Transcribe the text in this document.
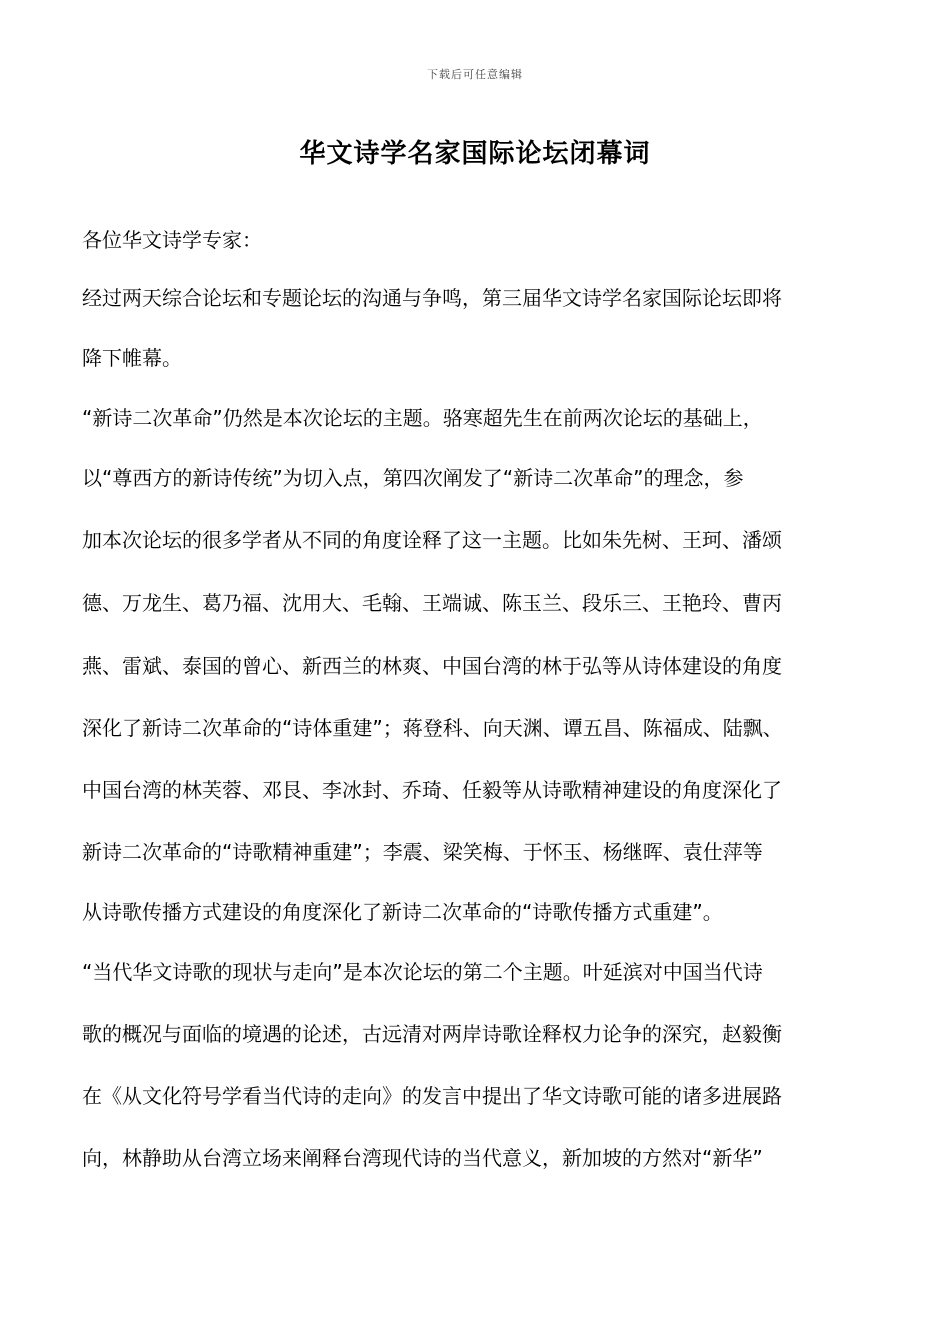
下载后可任意编辑
华文诗学名家国际论坛闭幕词
各位华文诗学专家：
经过两天综合论坛和专题论坛的沟通与争鸣，第三届华文诗学名家国际论坛即将
降下帷幕。
“新诗二次革命”仍然是本次论坛的主题。骆寒超先生在前两次论坛的基础上，
以“尊西方的新诗传统”为切入点，第四次阐发了“新诗二次革命”的理念，参
加本次论坛的很多学者从不同的角度诠释了这一主题。比如朱先树、王珂、潘颂
德、万龙生、葛乃福、沈用大、毛翰、王端诚、陈玉兰、段乐三、王艳玲、曹丙
燕、雷斌、泰国的曾心、新西兰的林爽、中国台湾的林于弘等从诗体建设的角度
深化了新诗二次革命的“诗体重建”；蒋登科、向天渊、谭五昌、陈福成、陆飘、
中国台湾的林芙蓉、邓艮、李冰封、乔琦、任毅等从诗歌精神建设的角度深化了
新诗二次革命的“诗歌精神重建”；李震、梁笑梅、于怀玉、杨继晖、袁仕萍等
从诗歌传播方式建设的角度深化了新诗二次革命的“诗歌传播方式重建”。
“当代华文诗歌的现状与走向”是本次论坛的第二个主题。叶延滨对中国当代诗
歌的概况与面临的境遇的论述，古远清对两岸诗歌诠释权力论争的深究，赵毅衡
在《从文化符号学看当代诗的走向》的发言中提出了华文诗歌可能的诸多进展路
向，林静助从台湾立场来阐释台湾现代诗的当代意义，新加坡的方然对“新华”
